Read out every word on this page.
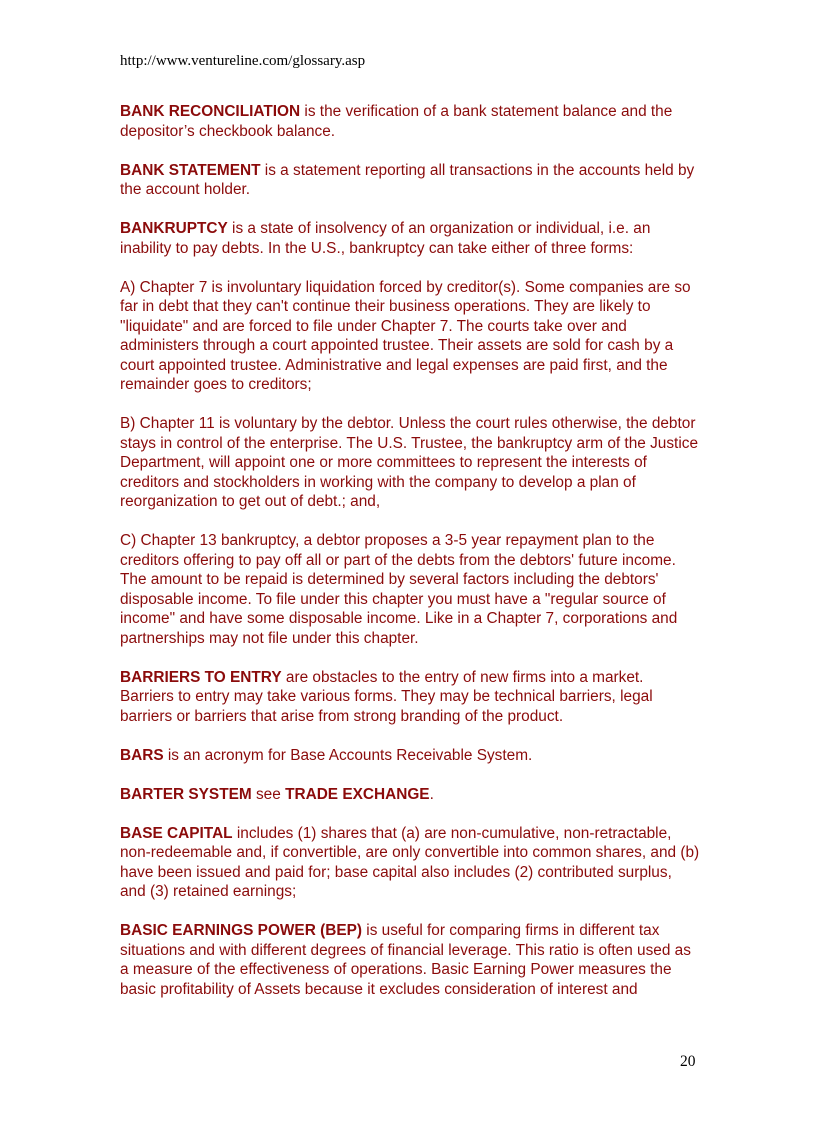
http://www.ventureline.com/glossary.asp

BANK RECONCILIATION is the verification of a bank statement balance and the depositor’s checkbook balance.

BANK STATEMENT is a statement reporting all transactions in the accounts held by the account holder.

BANKRUPTCY is a state of insolvency of an organization or individual, i.e. an inability to pay debts. In the U.S., bankruptcy can take either of three forms:

A) Chapter 7 is involuntary liquidation forced by creditor(s). Some companies are so far in debt that they can't continue their business operations. They are likely to "liquidate" and are forced to file under Chapter 7. The courts take over and administers through a court appointed trustee. Their assets are sold for cash by a court appointed trustee. Administrative and legal expenses are paid first, and the remainder goes to creditors;

B) Chapter 11 is voluntary by the debtor. Unless the court rules otherwise, the debtor stays in control of the enterprise. The U.S. Trustee, the bankruptcy arm of the Justice Department, will appoint one or more committees to represent the interests of creditors and stockholders in working with the company to develop a plan of reorganization to get out of debt.; and,

C) Chapter 13 bankruptcy, a debtor proposes a 3-5 year repayment plan to the creditors offering to pay off all or part of the debts from the debtors' future income. The amount to be repaid is determined by several factors including the debtors' disposable income. To file under this chapter you must have a "regular source of income" and have some disposable income. Like in a Chapter 7, corporations and partnerships may not file under this chapter.

BARRIERS TO ENTRY are obstacles to the entry of new firms into a market. Barriers to entry may take various forms. They may be technical barriers, legal barriers or barriers that arise from strong branding of the product.

BARS is an acronym for Base Accounts Receivable System.

BARTER SYSTEM see TRADE EXCHANGE.

BASE CAPITAL includes (1) shares that (a) are non-cumulative, non-retractable, non-redeemable and, if convertible, are only convertible into common shares, and (b) have been issued and paid for; base capital also includes (2) contributed surplus, and (3) retained earnings;

BASIC EARNINGS POWER (BEP) is useful for comparing firms in different tax situations and with different degrees of financial leverage. This ratio is often used as a measure of the effectiveness of operations. Basic Earning Power measures the basic profitability of Assets because it excludes consideration of interest and

20
